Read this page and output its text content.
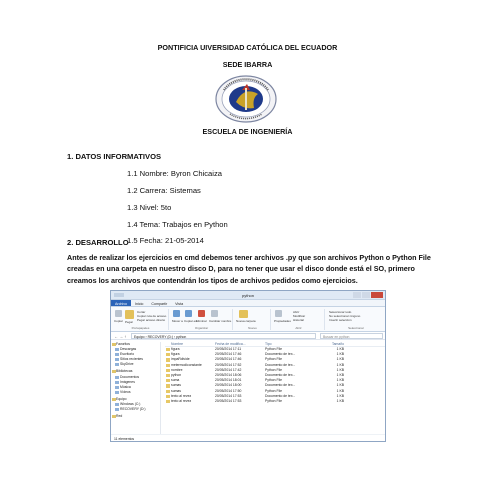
PONTIFICIA UIVERSIDAD CATÓLICA DEL ECUADOR
SEDE IBARRA
ESCUELA DE INGENIERÍA
1. DATOS INFORMATIVOS
1.1 Nombre: Byron Chicaiza
1.2 Carrera: Sistemas
1.3 Nivel: 5to
1.4 Tema: Trabajos en Python
1.5 Fecha: 21-05-2014
2. DESARROLLO
Antes de realizar los ejercicios en cmd debemos tener archivos .py que son archivos Python o Python File creadas en una carpeta en nuestro disco D, para no tener que usar el disco donde está el SO, primero creamos los archivos que contendrán los tipos de archivos pedidos como ejercicios.
python
Archivo	Inicio	Compartir	Vista
Copiar Pegar
Cortar
Copiar ruta de acceso
Pegar acceso directo
Portapapeles
Mover a Copiar en
Eliminar Cambiar nombre
Organizar
Nueva carpeta
Nuevo
Propiedades
Abrir
Modificar
Historial
Abrir
Seleccionar todo
No seleccionar ninguno
Invertir selección
Seleccionar
← → ↑	Equipo › RECOVERY (D:) › python	Buscar en python
Favoritos
Descargas
Escritorio
Sitios recientes
SkyDrive
Bibliotecas
Documentos
Imágenes
Música
Vídeos
Equipo
Windows (C:)
RECOVERY (D:)
Red
Nombre	Fecha de modifica...	Tipo	Tamaño
figura	20/05/2014 17:11	Python File	1 KB
figura	20/05/2014 17:46	Documento de tex...	1 KB
impaRdivide	20/05/2014 17:46	Python File	1 KB
metermodiconstante	20/05/2014 17:52	Documento de tex...	1 KB
nombre	20/05/2014 17:42	Python File	1 KB
python	20/05/2014 18:06	Documento de tex...	1 KB
suma	20/05/2014 18:01	Python File	1 KB
sumas	20/05/2014 18:00	Documento de tex...	1 KB
sumas	20/05/2014 17:50	Python File	1 KB
texto al revez	20/05/2014 17:53	Documento de tex...	1 KB
texto al revez	20/05/2014 17:53	Python File	1 KB
11 elementos
